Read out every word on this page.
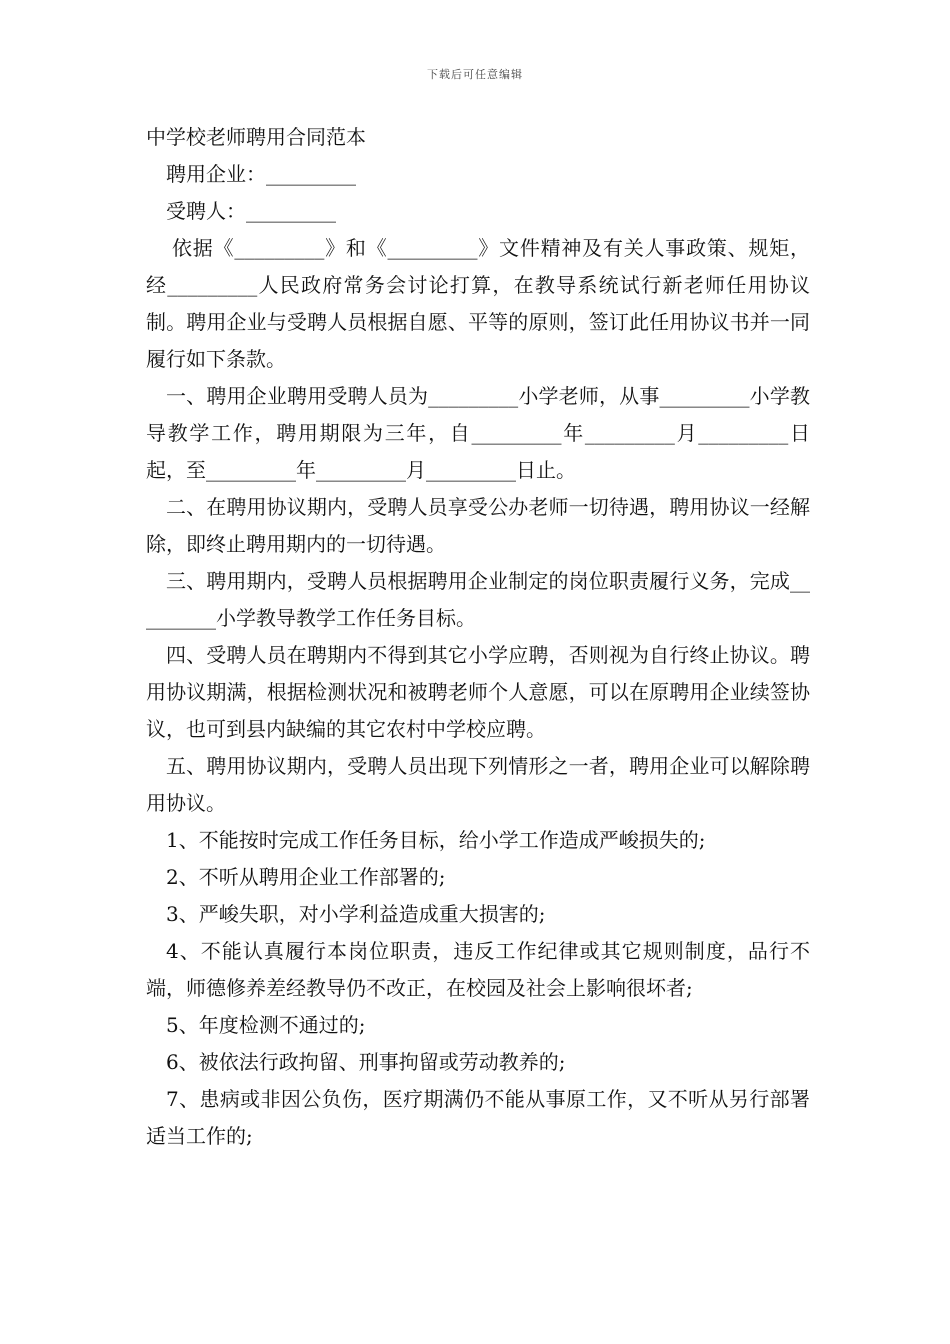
下载后可任意编辑
中学校老师聘用合同范本

聘用企业：_________

受聘人：_________

依据《_________》和《_________》文件精神及有关人事政策、规矩，经_________人民政府常务会讨论打算，在教导系统试行新老师任用协议制。聘用企业与受聘人员根据自愿、平等的原则，签订此任用协议书并一同履行如下条款。

一、聘用企业聘用受聘人员为_________小学老师，从事_________小学教导教学工作，聘用期限为三年，自_________年_________月_________日起，至_________年_________月_________日止。

二、在聘用协议期内，受聘人员享受公办老师一切待遇，聘用协议一经解除，即终止聘用期内的一切待遇。

三、聘用期内，受聘人员根据聘用企业制定的岗位职责履行义务，完成_________小学教导教学工作任务目标。

四、受聘人员在聘期内不得到其它小学应聘，否则视为自行终止协议。聘用协议期满，根据检测状况和被聘老师个人意愿，可以在原聘用企业续签协议，也可到县内缺编的其它农村中学校应聘。

五、聘用协议期内，受聘人员出现下列情形之一者，聘用企业可以解除聘用协议。

1、不能按时完成工作任务目标，给小学工作造成严峻损失的;

2、不听从聘用企业工作部署的;

3、严峻失职，对小学利益造成重大损害的;

4、不能认真履行本岗位职责，违反工作纪律或其它规则制度，品行不端，师德修养差经教导仍不改正，在校园及社会上影响很坏者;

5、年度检测不通过的;

6、被依法行政拘留、刑事拘留或劳动教养的;

7、患病或非因公负伤，医疗期满仍不能从事原工作，又不听从另行部署适当工作的;
